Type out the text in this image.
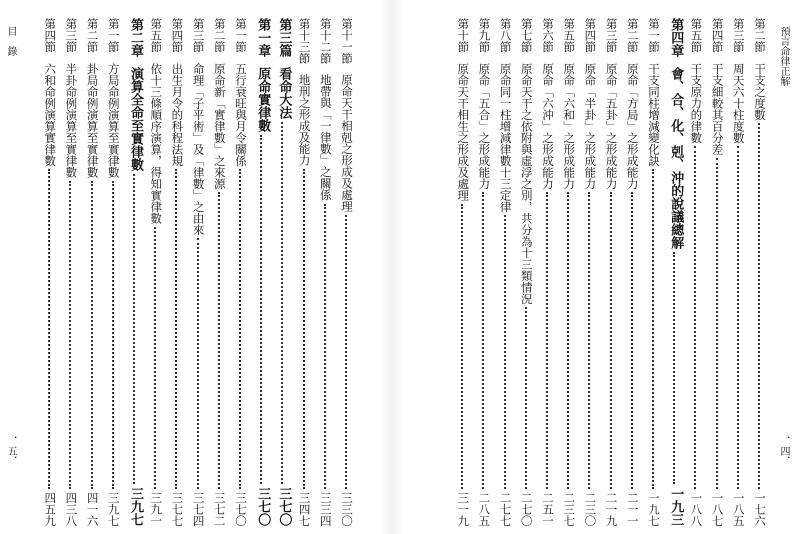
目　錄
．五．
第十一節
原命天干相剋之形成及處理
三三〇
第十二節
地帶與「一律數」之關係
三三四
第十三節
地刑之形成及能力
三四七
第三篇
看命大法
三七〇
第一章
原命實律數
三七〇
第一節
五行衰旺與月令關係
三七〇
第二節
原命新「實律數」之來源
三七二
第三節
命理「子平術」及「律數」之由來
三七四
第四節
出生月令的科程法規
三七七
第五節
依十三條順序演算，得知實律數
三九一
第二章
演算全命至實律數
三九七
第一節
方局命例演算至實律數
三九七
第二節
卦局命例演算至實律數
四一六
第三節
半卦命例演算至實律數
四三八
第四節
六和命例演算實律數
四五九
預言命律正解
．四．
第二節
干支之度數
一七六
第三節
周天六十柱度數
一八五
第四節
干支細較其百分差
一八七
第五節
干支原力的律數
一八八
第四章
會、合、化、剋、沖的說議總解
一九三
第一節
干支同柱增減變化訣
一九七
第二節
原命「方局」之形成能力
二一一
第三節
原命「五卦」之形成能力
二一九
第四節
原命「半卦」之形成能力
二三〇
第五節
原命「六和」之形成能力
二三七
第六節
原命「六沖」之形成能力
二五一
第七節
原命天干之依附與虛浮之別，共分為十三類情況
二七〇
第八節
原命同一柱增減律數十三定律
二七七
第九節
原命「五合」之形成能力
二八五
第十節
原命天干相生之形成及處理
三一九
